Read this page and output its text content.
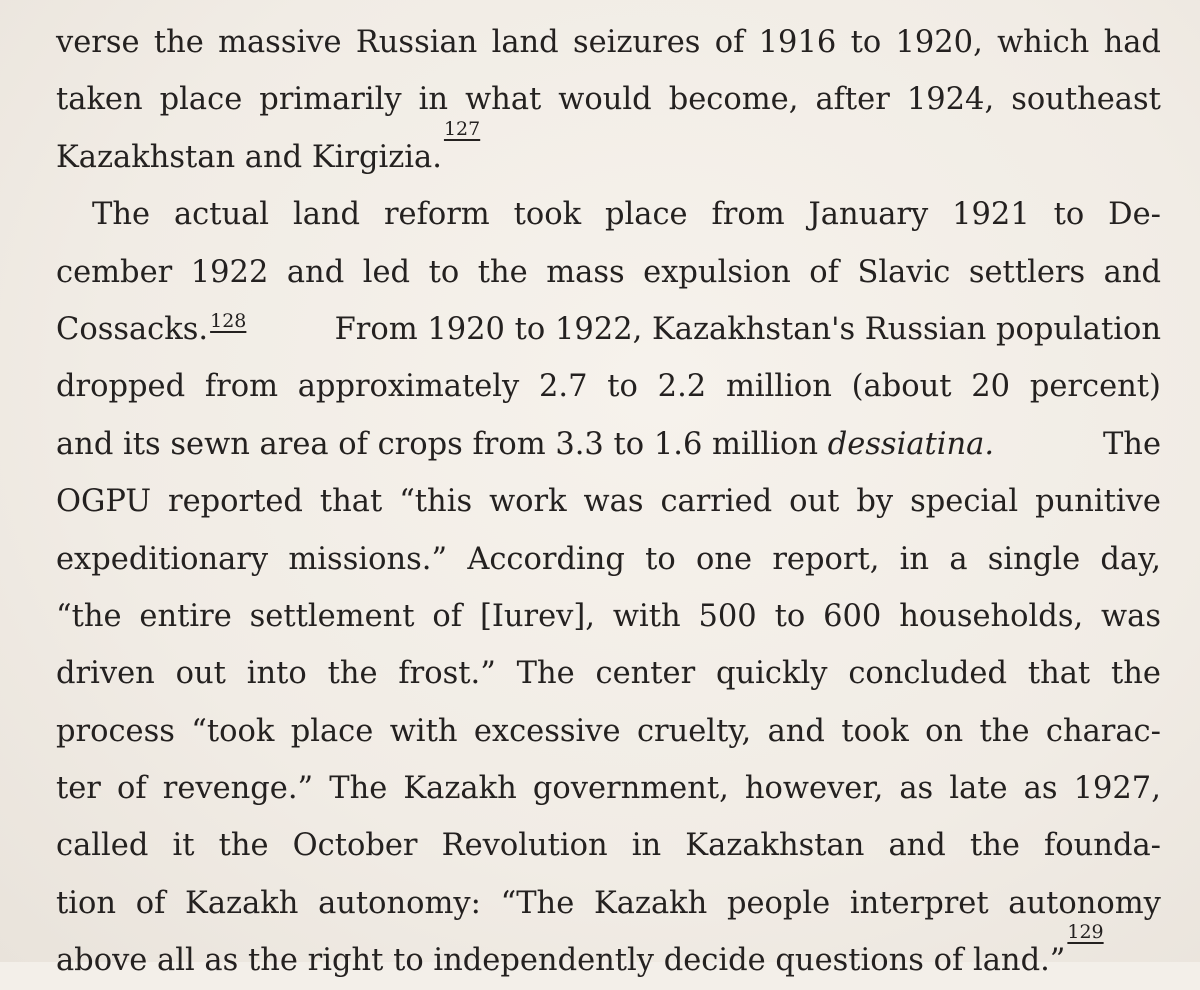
verse the massive Russian land seizures of 1916 to 1920, which had
taken place primarily in what would become, after 1924, southeast
Kazakhstan and Kirgizia.
127
The actual land reform took place from January 1921 to De-
cember 1922 and led to the mass expulsion of Slavic settlers and
Cossacks. $^{128}$	From 1920 to 1922, Kazakhstan's Russian population
dropped from approximately 2.7 to 2.2 million (about 20 percent)
and its sewn area of crops from 3.3 to 1.6 million dessiatina.	The
OGPU reported that “this work was carried out by special punitive
expeditionary missions.” According to one report, in a single day,
“the entire settlement of [Iurev], with 500 to 600 households, was
driven out into the frost.” The center quickly concluded that the
process “took place with excessive cruelty, and took on the charac-
ter of revenge.” The Kazakh government, however, as late as 1927,
called it the October Revolution in Kazakhstan and the founda-
tion of Kazakh autonomy: “The Kazakh people interpret autonomy
above all as the right to independently decide questions of land.”
129
